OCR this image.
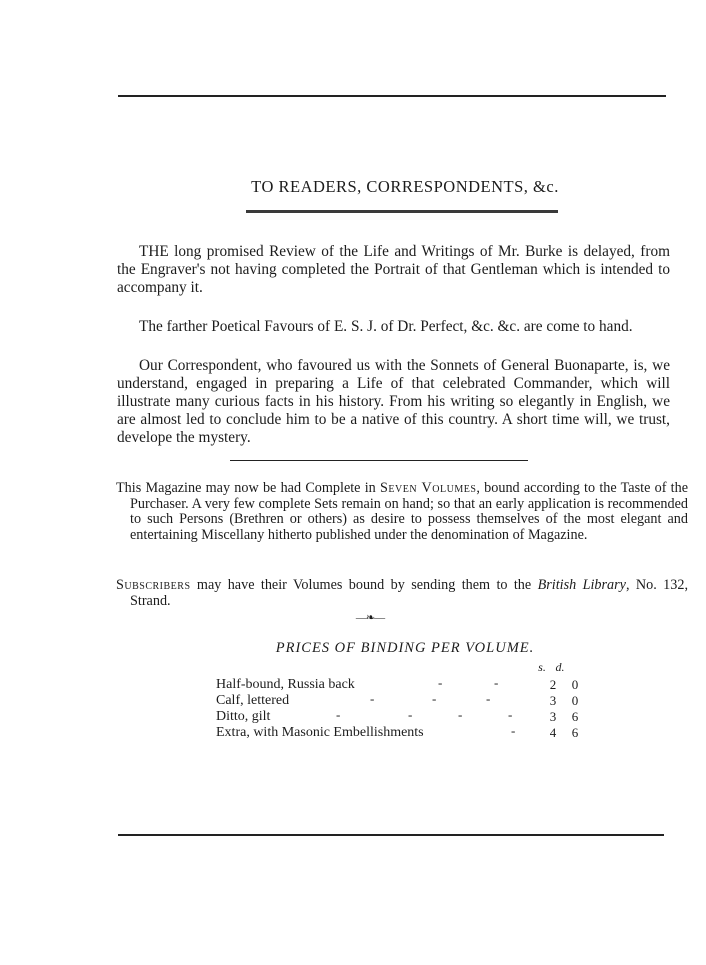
TO READERS, CORRESPONDENTS, &c.
THE long promised Review of the Life and Writings of Mr. Burke is delayed, from the Engraver's not having completed the Portrait of that Gentleman which is intended to accompany it.
The farther Poetical Favours of E. S. J. of Dr. Perfect, &c. &c. are come to hand.
Our Correspondent, who favoured us with the Sonnets of General Buonaparte, is, we understand, engaged in preparing a Life of that celebrated Commander, which will illustrate many curious facts in his history. From his writing so elegantly in English, we are almost led to conclude him to be a native of this country. A short time will, we trust, develope the mystery.
This Magazine may now be had Complete in Seven Volumes, bound according to the Taste of the Purchaser. A very few complete Sets remain on hand; so that an early application is recommended to such Persons (Brethren or others) as desire to possess themselves of the most elegant and entertaining Miscellany hitherto published under the denomination of Magazine.
Subscribers may have their Volumes bound by sending them to the British Library, No. 132, Strand.
—❧—
PRICES OF BINDING PER VOLUME.
s. d.
Half-bound, Russia back	-	-	2 0
Calf, lettered	-	-	-	3 0
Ditto, gilt	-	-	-	-	3 6
Extra, with Masonic Embellishments	-	4 6
